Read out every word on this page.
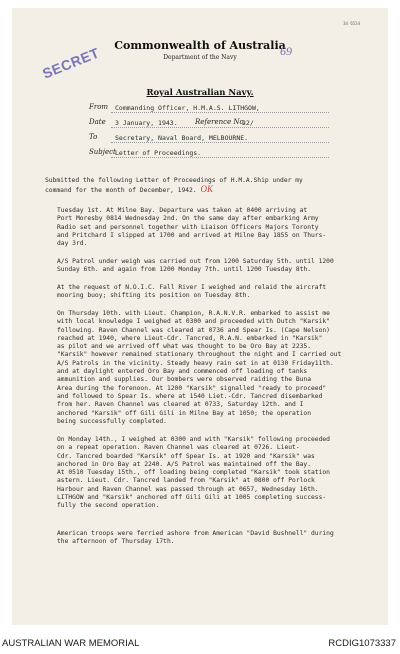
34 6534
SECRET	Commonwealth of Australia
Department of the Navy	69
Royal Australian Navy.
From Commanding Officer, H.M.A.S. LITHGOW,
Date 3 January, 1943. Reference No.
22/
To	Secretary, Naval Board, MELBOURNE.
Subject Letter of Proceedings.
Submitted the following Letter of Proceedings of H.M.A.Ship under my
command for the month of December, 1942. OK
Tuesday 1st. At Milne Bay. Departure was taken at 0400 arriving at
Port Moresby 0814 Wednesday 2nd. On the same day after embarking Army
Radio set and personnel together with Liaison Officers Majors Toronty
and Pritchard I slipped at 1700 and arrived at Milne Bay 1855 on Thurs-
day 3rd.
A/S Patrol under weigh was carried out from 1200 Saturday 5th. until 1200
Sunday 6th. and again from 1200 Monday 7th. until 1200 Tuesday 8th.
At the request of N.O.I.C. Fall River I weighed and relaid the aircraft
mooring buoy; shifting its position on Tuesday 8th.
On Thursday 10th. with Lieut. Champion, R.A.N.V.R. embarked to assist me
with local knowledge I weighed at 0300 and proceeded with Dutch "Karsik"
following. Raven Channel was cleared at 0736 and Spear Is. (Cape Nelson)
reached at 1940, where Lieut-Cdr. Tancred, R.A.N. embarked in "Karsik"
as pilot and we arrived off what was thought to be Oro Bay at 2235.
"Karsik" however remained stationary throughout the night and I carried out
A/S Patrols in the vicinity. Steady heavy rain set in at 0130 Friday11th.
and at daylight entered Oro Bay and commenced off loading of tanks
ammunition and supplies. Our bombers were observed raiding the Buna
Area during the forenoon. At 1200 "Karsik" signalled "ready to proceed"
and followed to Spear Is. where at 1540 Liet.-Cdr. Tancred disembarked
from her. Raven Channel was cleared at 0733, Saturday 12th. and I
anchored "Karsik" off Gili Gili in Milne Bay at 1050; the operation
being successfully completed.
On Monday 14th., I weighed at 0300 and with "Karsik" following proceeded
on a repeat operation. Raven Channel was cleared at 0726. Lieut-
Cdr. Tancred boarded "Karsik" off Spear Is. at 1920 and "Karsik" was
anchored in Oro Bay at 2240. A/S Patrol was maintained off the Bay.
At 0510 Tuesday 15th., off loading being completed "Karsik" took station
astern. Lieut. Cdr. Tancred landed from "Karsik" at 0800 off Porlock
Harbour and Raven Channel was passed through at 0657, Wednesday 16th.
LITHGOW and "Karsik" anchored off Gili Gili at 1005 completing success-
fully the second operation.
American troops were ferried ashore from American "David Bushnell" during
the afternoon of Thursday 17th.
AUSTRALIAN WAR MEMORIAL	RCDIG1073337
